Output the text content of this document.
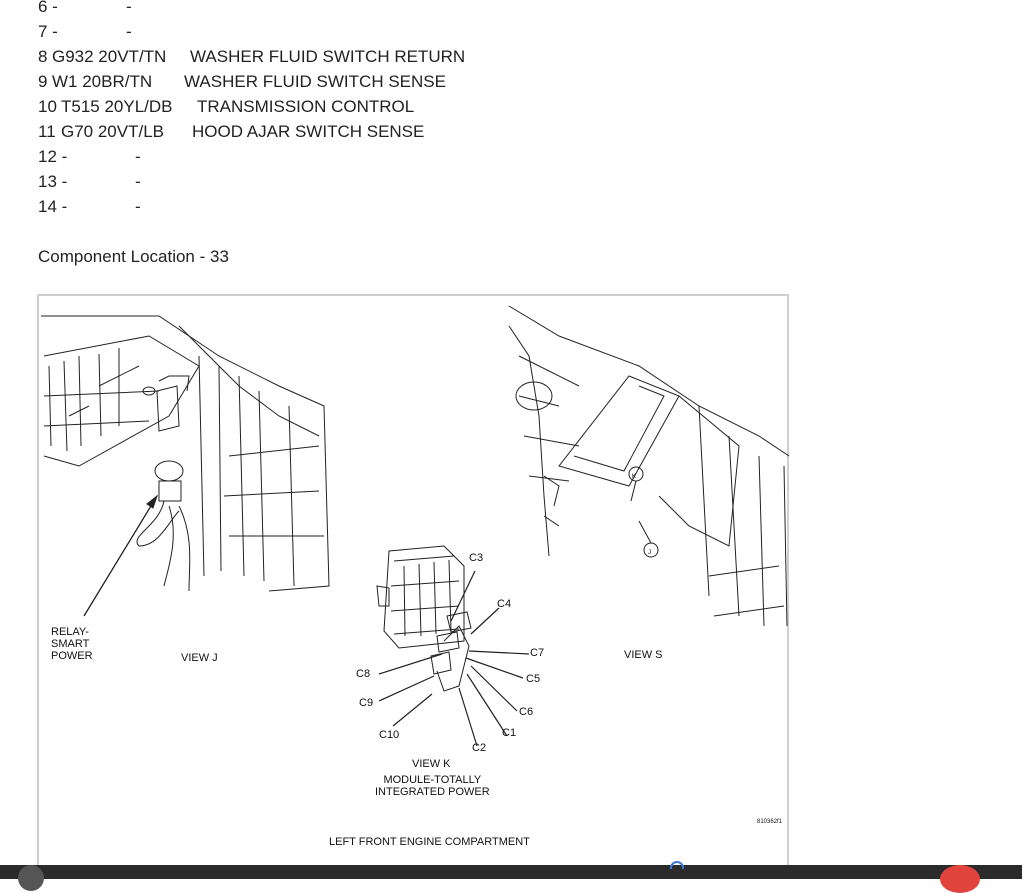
6 -	-
7 -	-
8 G932 20VT/TN WASHER FLUID SWITCH RETURN
9 W1 20BR/TN WASHER FLUID SWITCH SENSE
10 T515 20YL/DB TRANSMISSION CONTROL
11 G70 20VT/LB HOOD AJAR SWITCH SENSE
12 -	-
13 -	-
14 -	-
Component Location - 33
RELAY-
SMART
POWER	VIEW J	VIEW S
C3
C4
C7
C5
C6
C1
C2
C8
C9
C10
VIEW K
MODULE-TOTALLY
INTEGRATED POWER
K
J
810362f1
LEFT FRONT ENGINE COMPARTMENT
